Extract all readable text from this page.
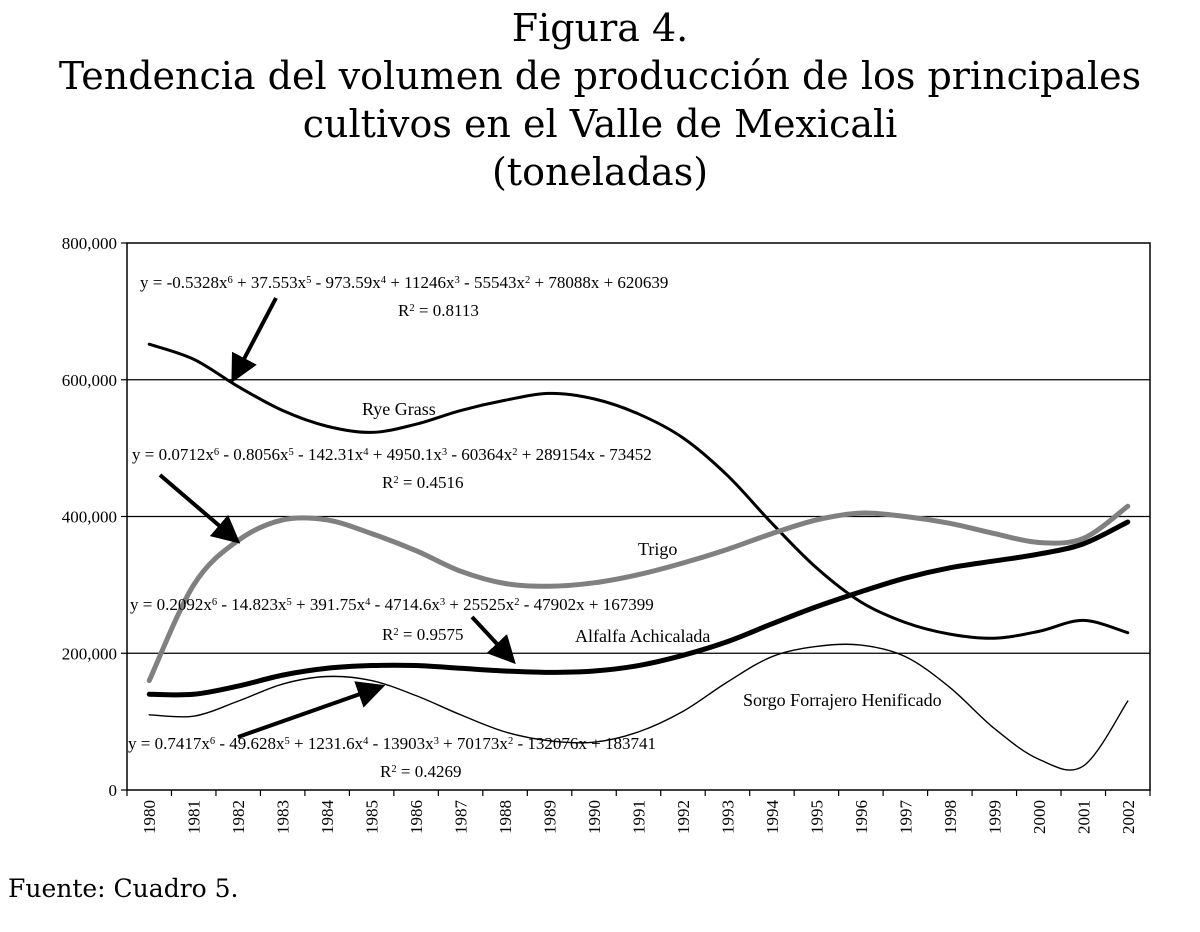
Figura 4.
Tendencia del volumen de producción de los principales
cultivos en el Valle de Mexicali
(toneladas)
0
200,000
400,000
600,000
800,000
1980 1981 1982 1983 1984 1985 1986 1987 1988 1989 1990 1991 1992 1993 1994 1995 1996 1997 1998 1999 2000 2001 2002
Rye Grass
Trigo
Alfalfa Achicalada
Sorgo Forrajero Henificado
$y = -0.5328x^6 + 37.553x^5 - 973.59x^4 + 11246x^3 - 55543x^2 + 78088x + 620639$
$R^2 = 0.8113$
$y = 0.0712x^6 - 0.8056x^5 - 142.31x^4 + 4950.1x^3 - 60364x^2 + 289154x - 73452$
$R^2 = 0.4516$
$y = 0.2092x^6 - 14.823x^5 + 391.75x^4 - 4714.6x^3 + 25525x^2 - 47902x + 167399$
$R^2 = 0.9575$
$y = 0.7417x^6 - 49.628x^5 + 1231.6x^4 - 13903x^3 + 70173x^2 - 132076x + 183741$
$R^2 = 0.4269$
Fuente: Cuadro 5.
